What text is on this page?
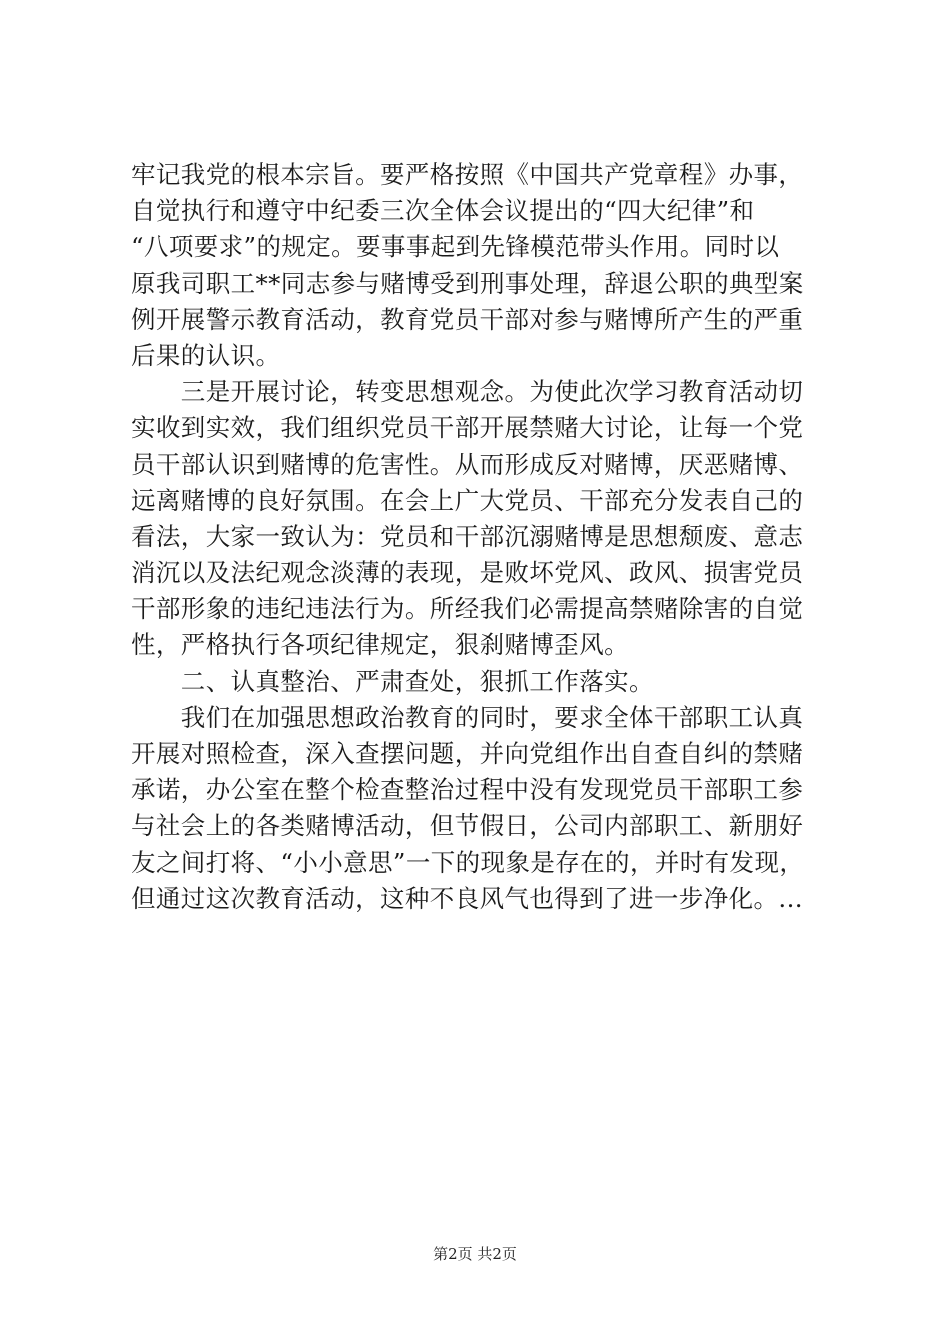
牢记我党的根本宗旨。要严格按照《中国共产党章程》办事，
自觉执行和遵守中纪委三次全体会议提出的“四大纪律”和
“八项要求”的规定。要事事起到先锋模范带头作用。同时以
原我司职工**同志参与赌博受到刑事处理，辞退公职的典型案
例开展警示教育活动，教育党员干部对参与赌博所产生的严重
后果的认识。
　　三是开展讨论，转变思想观念。为使此次学习教育活动切
实收到实效，我们组织党员干部开展禁赌大讨论，让每一个党
员干部认识到赌博的危害性。从而形成反对赌博，厌恶赌博、
远离赌博的良好氛围。在会上广大党员、干部充分发表自己的
看法，大家一致认为：党员和干部沉溺赌博是思想颓废、意志
消沉以及法纪观念淡薄的表现，是败坏党风、政风、损害党员
干部形象的违纪违法行为。所经我们必需提高禁赌除害的自觉
性，严格执行各项纪律规定，狠刹赌博歪风。
　　二、认真整治、严肃查处，狠抓工作落实。
　　我们在加强思想政治教育的同时，要求全体干部职工认真
开展对照检查，深入查摆问题，并向党组作出自查自纠的禁赌
承诺，办公室在整个检查整治过程中没有发现党员干部职工参
与社会上的各类赌博活动，但节假日，公司内部职工、新朋好
友之间打将、“小小意思”一下的现象是存在的，并时有发现，
但通过这次教育活动，这种不良风气也得到了进一步净化。...
第2页 共2页
